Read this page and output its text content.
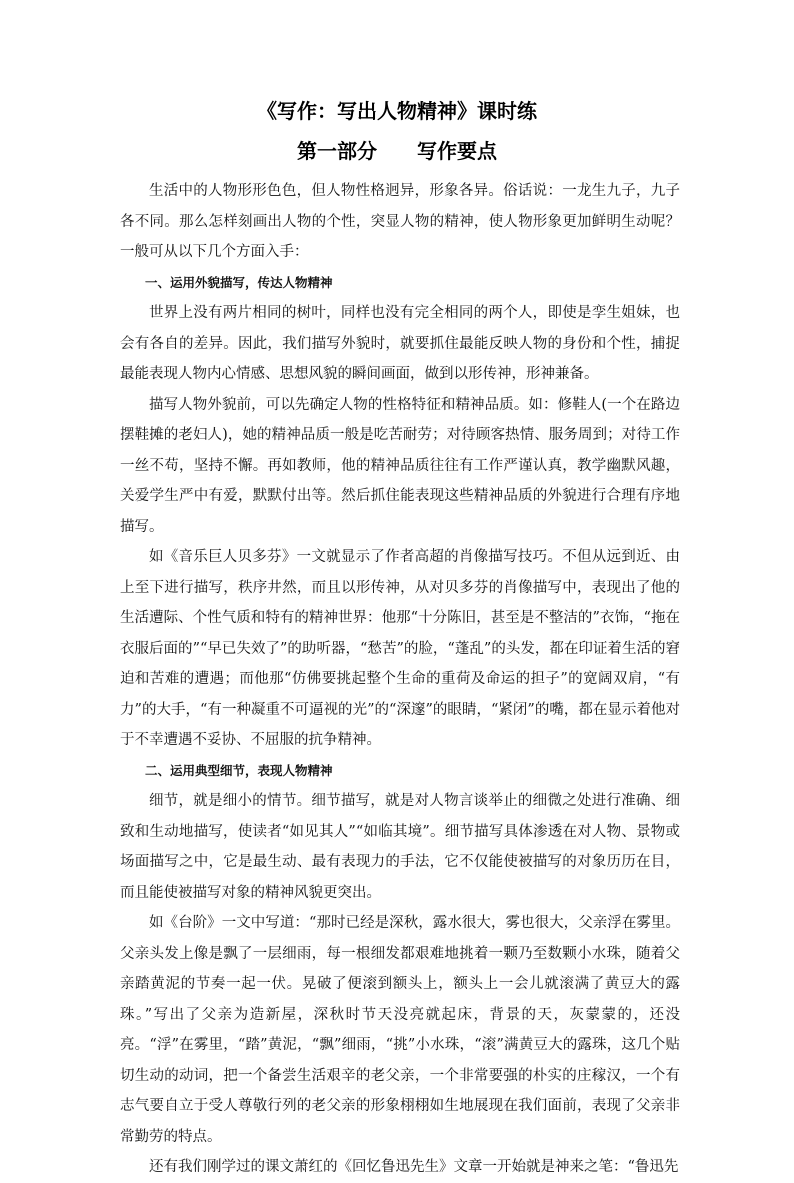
《写作：写出人物精神》课时练
第一部分 写作要点

生活中的人物形形色色，但人物性格迥异，形象各异。俗话说：一龙生九子，九子各不同。那么怎样刻画出人物的个性，突显人物的精神，使人物形象更加鲜明生动呢？一般可从以下几个方面入手：

一、运用外貌描写，传达人物精神

世界上没有两片相同的树叶，同样也没有完全相同的两个人，即使是孪生姐妹，也会有各自的差异。因此，我们描写外貌时，就要抓住最能反映人物的身份和个性，捕捉最能表现人物内心情感、思想风貌的瞬间画面，做到以形传神，形神兼备。

描写人物外貌前，可以先确定人物的性格特征和精神品质。如：修鞋人(一个在路边摆鞋摊的老妇人)，她的精神品质一般是吃苦耐劳；对待顾客热情、服务周到；对待工作一丝不苟，坚持不懈。再如教师，他的精神品质往往有工作严谨认真，教学幽默风趣，关爱学生严中有爱，默默付出等。然后抓住能表现这些精神品质的外貌进行合理有序地描写。

如《音乐巨人贝多芬》一文就显示了作者高超的肖像描写技巧。不但从远到近、由上至下进行描写，秩序井然，而且以形传神，从对贝多芬的肖像描写中，表现出了他的生活遭际、个性气质和特有的精神世界：他那“十分陈旧，甚至是不整洁的”衣饰，“拖在衣服后面的”“早已失效了”的助听器，“愁苦”的脸，“蓬乱”的头发，都在印证着生活的窘迫和苦难的遭遇；而他那“仿佛要挑起整个生命的重荷及命运的担子”的宽阔双肩，“有力”的大手，“有一种凝重不可逼视的光”的“深邃”的眼睛，“紧闭”的嘴，都在显示着他对于不幸遭遇不妥协、不屈服的抗争精神。

二、运用典型细节，表现人物精神

细节，就是细小的情节。细节描写，就是对人物言谈举止的细微之处进行准确、细致和生动地描写，使读者“如见其人”“如临其境”。细节描写具体渗透在对人物、景物或场面描写之中，它是最生动、最有表现力的手法，它不仅能使被描写的对象历历在目，而且能使被描写对象的精神风貌更突出。

如《台阶》一文中写道：“那时已经是深秋，露水很大，雾也很大，父亲浮在雾里。父亲头发上像是飘了一层细雨，每一根细发都艰难地挑着一颗乃至数颗小水珠，随着父亲踏黄泥的节奏一起一伏。晃破了便滚到额头上，额头上一会儿就滚满了黄豆大的露珠。”写出了父亲为造新屋，深秋时节天没亮就起床，背景的天，灰蒙蒙的，还没亮。“浮”在雾里，“踏”黄泥，“飘”细雨，“挑”小水珠，“滚”满黄豆大的露珠，这几个贴切生动的动词，把一个备尝生活艰辛的老父亲，一个非常要强的朴实的庄稼汉，一个有志气要自立于受人尊敬行列的老父亲的形象栩栩如生地展现在我们面前，表现了父亲非常勤劳的特点。

还有我们刚学过的课文萧红的《回忆鲁迅先生》文章一开始就是神来之笔：“鲁迅先
